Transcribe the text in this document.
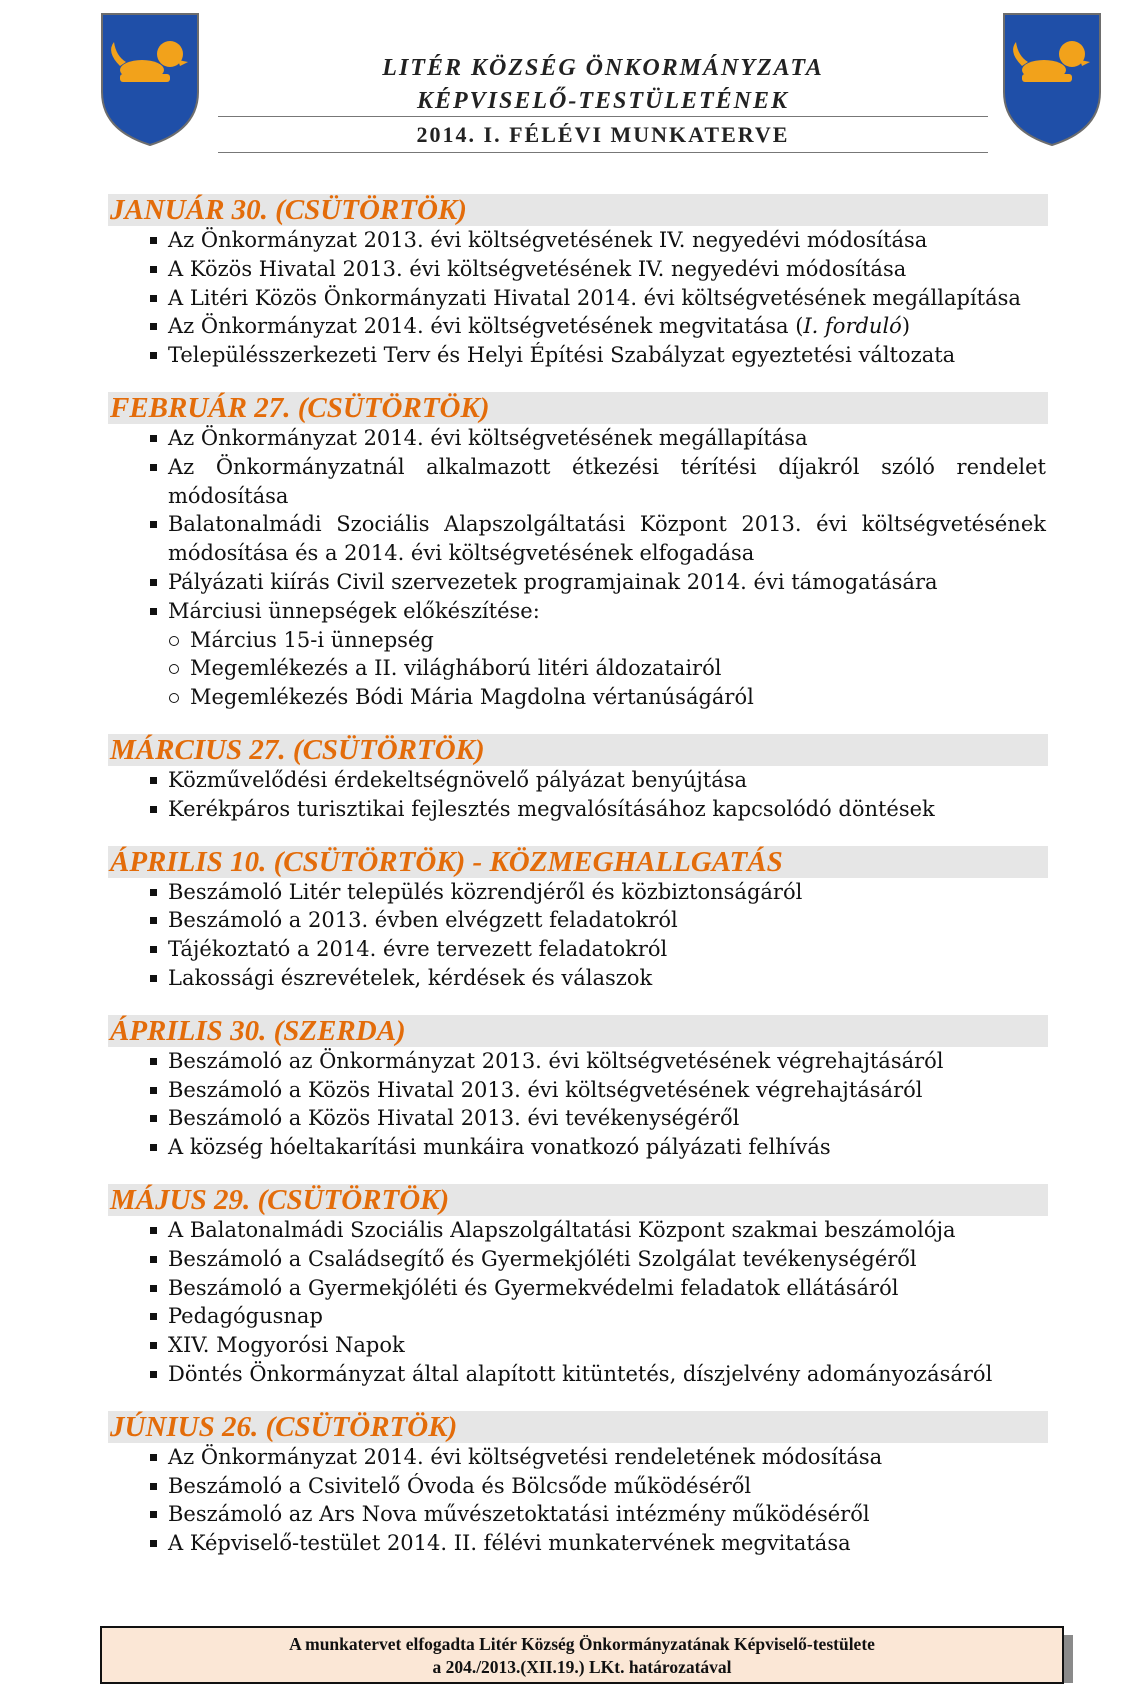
LITÉR KÖZSÉG ÖNKORMÁNYZATA
KÉPVISELŐ-TESTÜLETÉNEK
2014. I. FÉLÉVI MUNKATERVE
JANUÁR 30. (CSÜTÖRTÖK)
Az Önkormányzat 2013. évi költségvetésének IV. negyedévi módosítása
A Közös Hivatal 2013. évi költségvetésének IV. negyedévi módosítása
A Litéri Közös Önkormányzati Hivatal 2014. évi költségvetésének megállapítása
Az Önkormányzat 2014. évi költségvetésének megvitatása (I. forduló)
Településszerkezeti Terv és Helyi Építési Szabályzat egyeztetési változata
FEBRUÁR 27. (CSÜTÖRTÖK)
Az Önkormányzat 2014. évi költségvetésének megállapítása
Az Önkormányzatnál alkalmazott étkezési térítési díjakról szóló rendelet módosítása
Balatonalmádi Szociális Alapszolgáltatási Központ 2013. évi költségvetésének módosítása és a 2014. évi költségvetésének elfogadása
Pályázati kiírás Civil szervezetek programjainak 2014. évi támogatására
Márciusi ünnepségek előkészítése:
Március 15-i ünnepség
Megemlékezés a II. világháború litéri áldozatairól
Megemlékezés Bódi Mária Magdolna vértanúságáról
MÁRCIUS 27. (CSÜTÖRTÖK)
Közművelődési érdekeltségnövelő pályázat benyújtása
Kerékpáros turisztikai fejlesztés megvalósításához kapcsolódó döntések
ÁPRILIS 10. (CSÜTÖRTÖK) - KÖZMEGHALLGATÁS
Beszámoló Litér település közrendjéről és közbiztonságáról
Beszámoló a 2013. évben elvégzett feladatokról
Tájékoztató a 2014. évre tervezett feladatokról
Lakossági észrevételek, kérdések és válaszok
ÁPRILIS 30. (SZERDA)
Beszámoló az Önkormányzat 2013. évi költségvetésének végrehajtásáról
Beszámoló a Közös Hivatal 2013. évi költségvetésének végrehajtásáról
Beszámoló a Közös Hivatal 2013. évi tevékenységéről
A község hóeltakarítási munkáira vonatkozó pályázati felhívás
MÁJUS 29. (CSÜTÖRTÖK)
A Balatonalmádi Szociális Alapszolgáltatási Központ szakmai beszámolója
Beszámoló a Családsegítő és Gyermekjóléti Szolgálat tevékenységéről
Beszámoló a Gyermekjóléti és Gyermekvédelmi feladatok ellátásáról
Pedagógusnap
XIV. Mogyorósi Napok
Döntés Önkormányzat által alapított kitüntetés, díszjelvény adományozásáról
JÚNIUS 26. (CSÜTÖRTÖK)
Az Önkormányzat 2014. évi költségvetési rendeletének módosítása
Beszámoló a Csivitelő Óvoda és Bölcsőde működéséről
Beszámoló az Ars Nova művészetoktatási intézmény működéséről
A Képviselő-testület 2014. II. félévi munkatervének megvitatása
A munkatervet elfogadta Litér Község Önkormányzatának Képviselő-testülete
a 204./2013.(XII.19.) LKt. határozatával
